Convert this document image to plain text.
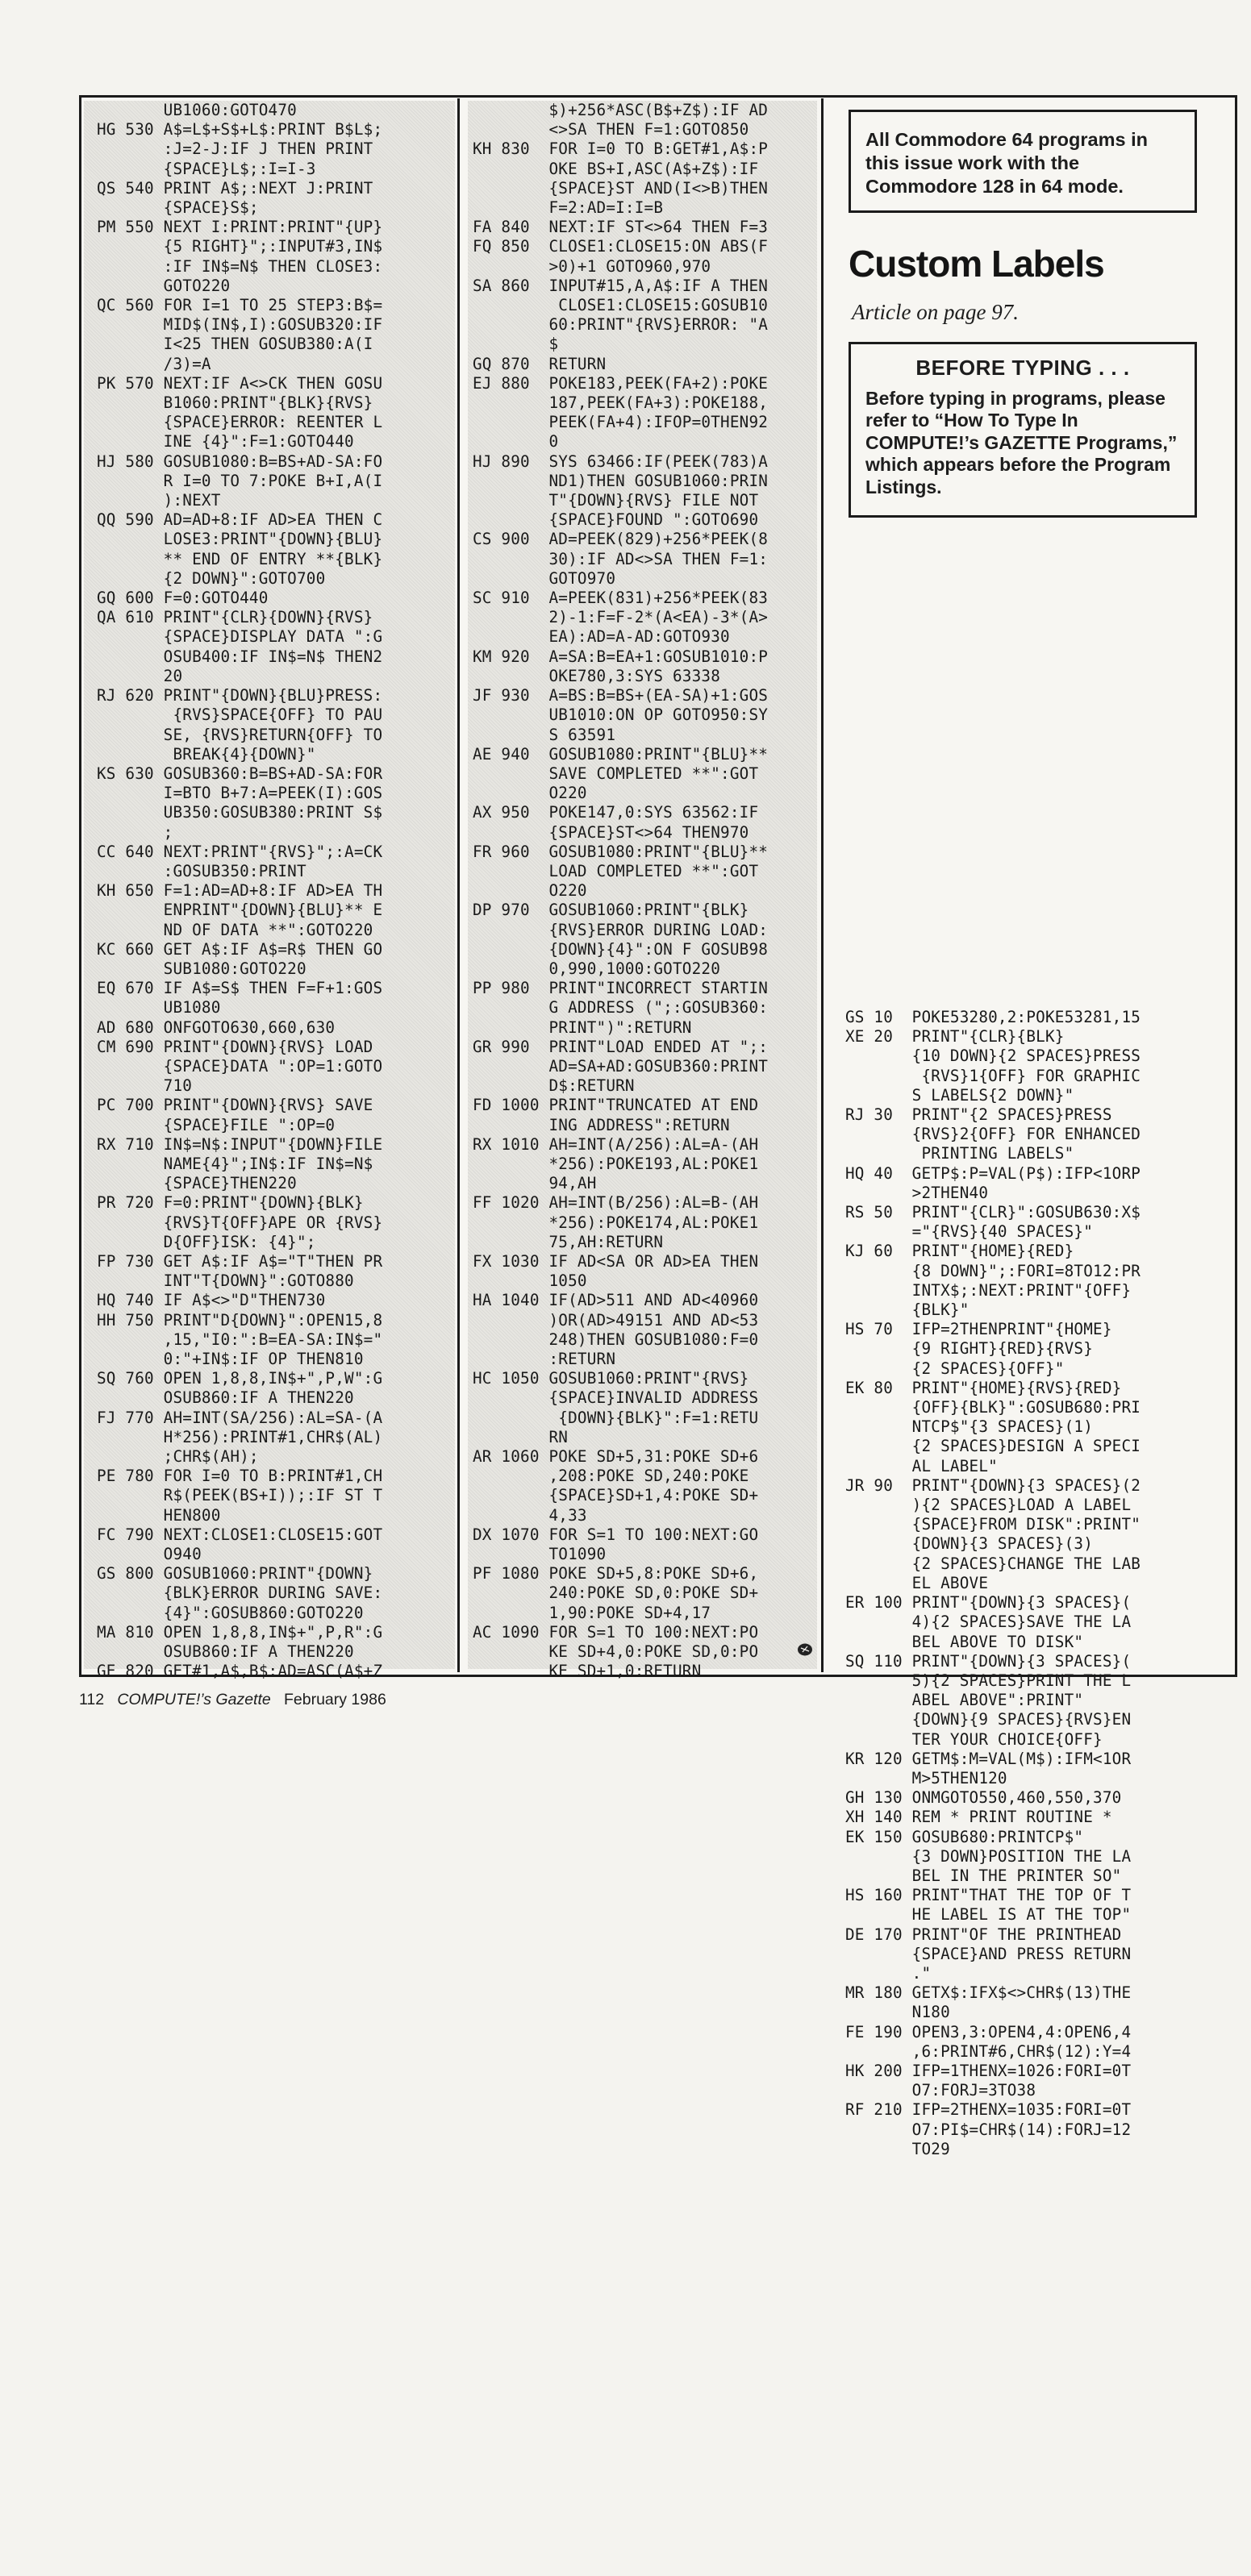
UB1060:GOTO470
HG 530 A$=L$+S$+L$:PRINT B$L$;
:J=2-J:IF J THEN PRINT
{SPACE}L$;:I=I-3
QS 540 PRINT A$;:NEXT J:PRINT
{SPACE}S$;
PM 550 NEXT I:PRINT:PRINT"{UP}
{5 RIGHT}";:INPUT#3,IN$
:IF IN$=N$ THEN CLOSE3:
GOTO220
QC 560 FOR I=1 TO 25 STEP3:B$=
MID$(IN$,I):GOSUB320:IF
I<25 THEN GOSUB380:A(I
/3)=A
PK 570 NEXT:IF A<>CK THEN GOSU
B1060:PRINT"{BLK}{RVS}
{SPACE}ERROR: REENTER L
INE {4}":F=1:GOTO440
HJ 580 GOSUB1080:B=BS+AD-SA:FO
R I=0 TO 7:POKE B+I,A(I
):NEXT
QQ 590 AD=AD+8:IF AD>EA THEN C
LOSE3:PRINT"{DOWN}{BLU}
** END OF ENTRY **{BLK}
{2 DOWN}":GOTO700
GQ 600 F=0:GOTO440
QA 610 PRINT"{CLR}{DOWN}{RVS}
{SPACE}DISPLAY DATA ":G
OSUB400:IF IN$=N$ THEN2
20
RJ 620 PRINT"{DOWN}{BLU}PRESS:
{RVS}SPACE{OFF} TO PAU
SE, {RVS}RETURN{OFF} TO
BREAK{4}{DOWN}"
KS 630 GOSUB360:B=BS+AD-SA:FOR
I=BTO B+7:A=PEEK(I):GOS
UB350:GOSUB380:PRINT S$
;
CC 640 NEXT:PRINT"{RVS}";:A=CK
:GOSUB350:PRINT
KH 650 F=1:AD=AD+8:IF AD>EA TH
ENPRINT"{DOWN}{BLU}** E
ND OF DATA **":GOTO220
KC 660 GET A$:IF A$=R$ THEN GO
SUB1080:GOTO220
EQ 670 IF A$=S$ THEN F=F+1:GOS
UB1080
AD 680 ONFGOTO630,660,630
CM 690 PRINT"{DOWN}{RVS} LOAD
{SPACE}DATA ":OP=1:GOTO
710
PC 700 PRINT"{DOWN}{RVS} SAVE
{SPACE}FILE ":OP=0
RX 710 IN$=N$:INPUT"{DOWN}FILE
NAME{4}";IN$:IF IN$=N$
{SPACE}THEN220
PR 720 F=0:PRINT"{DOWN}{BLK}
{RVS}T{OFF}APE OR {RVS}
D{OFF}ISK: {4}";
FP 730 GET A$:IF A$="T"THEN PR
INT"T{DOWN}":GOTO880
HQ 740 IF A$<>"D"THEN730
HH 750 PRINT"D{DOWN}":OPEN15,8
,15,"I0:":B=EA-SA:IN$="
0:"+IN$:IF OP THEN810
SQ 760 OPEN 1,8,8,IN$+",P,W":G
OSUB860:IF A THEN220
FJ 770 AH=INT(SA/256):AL=SA-(A
H*256):PRINT#1,CHR$(AL)
;CHR$(AH);
PE 780 FOR I=0 TO B:PRINT#1,CH
R$(PEEK(BS+I));:IF ST T
HEN800
FC 790 NEXT:CLOSE1:CLOSE15:GOT
O940
GS 800 GOSUB1060:PRINT"{DOWN}
{BLK}ERROR DURING SAVE:
{4}":GOSUB860:GOTO220
MA 810 OPEN 1,8,8,IN$+",P,R":G
OSUB860:IF A THEN220
GE 820 GET#1,A$,B$:AD=ASC(A$+Z
$)+256*ASC(B$+Z$):IF AD
<>SA THEN F=1:GOTO850
KH 830  FOR I=0 TO B:GET#1,A$:P
OKE BS+I,ASC(A$+Z$):IF
{SPACE}ST AND(I<>B)THEN
F=2:AD=I:I=B
FA 840  NEXT:IF ST<>64 THEN F=3
FQ 850  CLOSE1:CLOSE15:ON ABS(F
>0)+1 GOTO960,970
SA 860  INPUT#15,A,A$:IF A THEN
CLOSE1:CLOSE15:GOSUB10
60:PRINT"{RVS}ERROR: "A
$
GQ 870  RETURN
EJ 880  POKE183,PEEK(FA+2):POKE
187,PEEK(FA+3):POKE188,
PEEK(FA+4):IFOP=0THEN92
0
HJ 890  SYS 63466:IF(PEEK(783)A
ND1)THEN GOSUB1060:PRIN
T"{DOWN}{RVS} FILE NOT
{SPACE}FOUND ":GOTO690
CS 900  AD=PEEK(829)+256*PEEK(8
30):IF AD<>SA THEN F=1:
GOTO970
SC 910  A=PEEK(831)+256*PEEK(83
2)-1:F=F-2*(A<EA)-3*(A>
EA):AD=A-AD:GOTO930
KM 920  A=SA:B=EA+1:GOSUB1010:P
OKE780,3:SYS 63338
JF 930  A=BS:B=BS+(EA-SA)+1:GOS
UB1010:ON OP GOTO950:SY
S 63591
AE 940  GOSUB1080:PRINT"{BLU}**
SAVE COMPLETED **":GOT
O220
AX 950  POKE147,0:SYS 63562:IF
{SPACE}ST<>64 THEN970
FR 960  GOSUB1080:PRINT"{BLU}**
LOAD COMPLETED **":GOT
O220
DP 970  GOSUB1060:PRINT"{BLK}
{RVS}ERROR DURING LOAD:
{DOWN}{4}":ON F GOSUB98
0,990,1000:GOTO220
PP 980  PRINT"INCORRECT STARTIN
G ADDRESS (";:GOSUB360:
PRINT")":RETURN
GR 990  PRINT"LOAD ENDED AT ";:
AD=SA+AD:GOSUB360:PRINT
D$:RETURN
FD 1000 PRINT"TRUNCATED AT END
ING ADDRESS":RETURN
RX 1010 AH=INT(A/256):AL=A-(AH
*256):POKE193,AL:POKE1
94,AH
FF 1020 AH=INT(B/256):AL=B-(AH
*256):POKE174,AL:POKE1
75,AH:RETURN
FX 1030 IF AD<SA OR AD>EA THEN
1050
HA 1040 IF(AD>511 AND AD<40960
)OR(AD>49151 AND AD<53
248)THEN GOSUB1080:F=0
:RETURN
HC 1050 GOSUB1060:PRINT"{RVS}
{SPACE}INVALID ADDRESS
{DOWN}{BLK}":F=1:RETU
RN
AR 1060 POKE SD+5,31:POKE SD+6
,208:POKE SD,240:POKE
{SPACE}SD+1,4:POKE SD+
4,33
DX 1070 FOR S=1 TO 100:NEXT:GO
TO1090
PF 1080 POKE SD+5,8:POKE SD+6,
240:POKE SD,0:POKE SD+
1,90:POKE SD+4,17
AC 1090 FOR S=1 TO 100:NEXT:PO
KE SD+4,0:POKE SD,0:PO
KE SD+1,0:RETURN
All Commodore 64 programs in this issue work with the Commodore 128 in 64 mode.
Custom Labels
Article on page 97.
BEFORE TYPING . . .
Before typing in programs, please refer to “How To Type In COMPUTE!’s GAZETTE Programs,” which appears before the Program Listings.
GS 10  POKE53280,2:POKE53281,15
XE 20  PRINT"{CLR}{BLK}
{10 DOWN}{2 SPACES}PRESS
{RVS}1{OFF} FOR GRAPHIC
S LABELS{2 DOWN}"
RJ 30  PRINT"{2 SPACES}PRESS
{RVS}2{OFF} FOR ENHANCED
PRINTING LABELS"
HQ 40  GETP$:P=VAL(P$):IFP<1ORP
>2THEN40
RS 50  PRINT"{CLR}":GOSUB630:X$
="{RVS}{40 SPACES}"
KJ 60  PRINT"{HOME}{RED}
{8 DOWN}";:FORI=8TO12:PR
INTX$;:NEXT:PRINT"{OFF}
{BLK}"
HS 70  IFP=2THENPRINT"{HOME}
{9 RIGHT}{RED}{RVS}
{2 SPACES}{OFF}"
EK 80  PRINT"{HOME}{RVS}{RED}
{OFF}{BLK}":GOSUB680:PRI
NTCP$"{3 SPACES}(1)
{2 SPACES}DESIGN A SPECI
AL LABEL"
JR 90  PRINT"{DOWN}{3 SPACES}(2
){2 SPACES}LOAD A LABEL
{SPACE}FROM DISK":PRINT"
{DOWN}{3 SPACES}(3)
{2 SPACES}CHANGE THE LAB
EL ABOVE
ER 100 PRINT"{DOWN}{3 SPACES}(
4){2 SPACES}SAVE THE LA
BEL ABOVE TO DISK"
SQ 110 PRINT"{DOWN}{3 SPACES}(
5){2 SPACES}PRINT THE L
ABEL ABOVE":PRINT"
{DOWN}{9 SPACES}{RVS}EN
TER YOUR CHOICE{OFF}
KR 120 GETM$:M=VAL(M$):IFM<1OR
M>5THEN120
GH 130 ONMGOTO550,460,550,370
XH 140 REM * PRINT ROUTINE *
EK 150 GOSUB680:PRINTCP$"
{3 DOWN}POSITION THE LA
BEL IN THE PRINTER SO"
HS 160 PRINT"THAT THE TOP OF T
HE LABEL IS AT THE TOP"
DE 170 PRINT"OF THE PRINTHEAD
{SPACE}AND PRESS RETURN
."
MR 180 GETX$:IFX$<>CHR$(13)THE
N180
FE 190 OPEN3,3:OPEN4,4:OPEN6,4
,6:PRINT#6,CHR$(12):Y=4
HK 200 IFP=1THENX=1026:FORI=0T
O7:FORJ=3TO38
RF 210 IFP=2THENX=1035:FORI=0T
O7:PI$=CHR$(14):FORJ=12
TO29
112 COMPUTE!’s Gazette February 1986
